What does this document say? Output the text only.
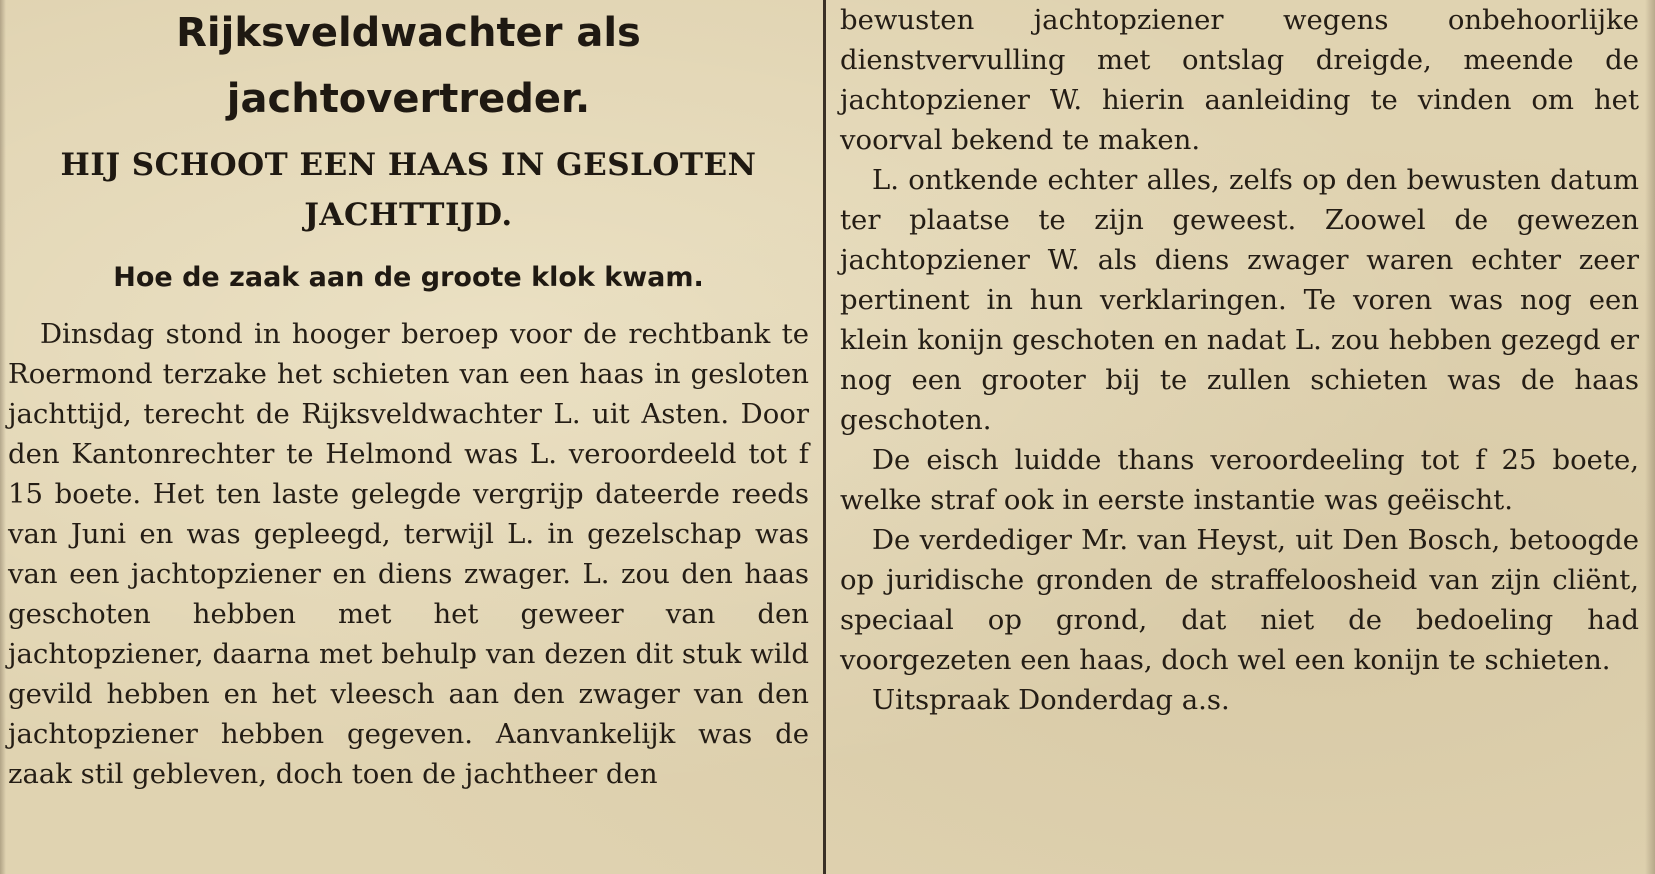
Rijksveldwachter als
jachtovertreder.
HIJ SCHOOT EEN HAAS IN GESLOTEN
JACHTTIJD.
Hoe de zaak aan de groote klok kwam.

Dinsdag stond in hooger beroep voor de rechtbank te Roermond terzake het schieten van een haas in gesloten jachttijd, terecht de Rijksveldwachter L. uit Asten. Door den Kantonrechter te Helmond was L. veroordeeld tot f 15 boete. Het ten laste gelegde vergrijp dateerde reeds van Juni en was gepleegd, terwijl L. in gezelschap was van een jachtopziener en diens zwager. L. zou den haas geschoten hebben met het geweer van den jachtopziener, daarna met behulp van dezen dit stuk wild gevild hebben en het vleesch aan den zwager van den jachtopziener hebben gegeven. Aanvankelijk was de zaak stil gebleven, doch toen de jachtheer den

bewusten jachtopziener wegens onbehoorlijke dienstvervulling met ontslag dreigde, meende de jachtopziener W. hierin aanleiding te vinden om het voorval bekend te maken.

L. ontkende echter alles, zelfs op den bewusten datum ter plaatse te zijn geweest. Zoowel de gewezen jachtopziener W. als diens zwager waren echter zeer pertinent in hun verklaringen. Te voren was nog een klein konijn geschoten en nadat L. zou hebben gezegd er nog een grooter bij te zullen schieten was de haas geschoten.

De eisch luidde thans veroordeeling tot f 25 boete, welke straf ook in eerste instantie was geëischt.

De verdediger Mr. van Heyst, uit Den Bosch, betoogde op juridische gronden de straffeloosheid van zijn cliënt, speciaal op grond, dat niet de bedoeling had voorgezeten een haas, doch wel een konijn te schieten.

Uitspraak Donderdag a.s.
